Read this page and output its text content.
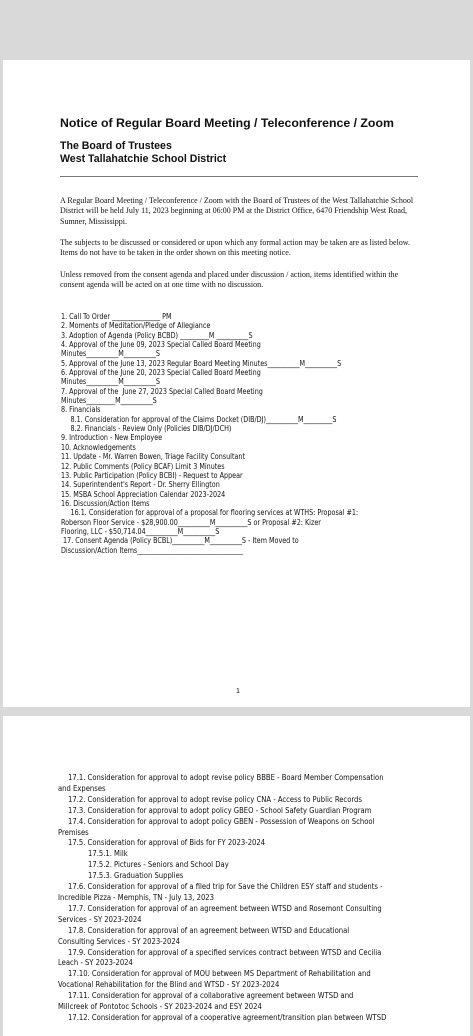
Notice of Regular Board Meeting / Teleconference / Zoom
The Board of Trustees
West Tallahatchie School District

A Regular Board Meeting / Teleconference / Zoom with the Board of Trustees of the West Tallahatchie School District will be held July 11, 2023 beginning at 06:00 PM at the District Office, 6470 Friendship West Road, Sumner, Mississippi.

The subjects to be discussed or considered or upon which any formal action may be taken are as listed below. Items do not have to be taken in the order shown on this meeting notice.

Unless removed from the consent agenda and placed under discussion / action, items identified within the consent agenda will be acted on at one time with no discussion.

1. Call To Order _______________ PM
2. Moments of Meditation/Pledge of Allegiance
3. Adoption of Agenda (Policy BCBD) _________M __________S
4. Approval of the June 09, 2023 Special Called Board Meeting
Minutes__________M__________S
5. Approval of the June 13, 2023 Regular Board Meeting Minutes__________M__________S
6. Approval of the June 20, 2023 Special Called Board Meeting
Minutes__________M__________S
7. Approval of the  June 27, 2023 Special Called Board Meeting
Minutes_________M__________S
8. Financials
8.1. Consideration for approval of the Claims Docket (DIB/DJ)__________M_________S
8.2. Financials - Review Only (Policies DIB/DJ/DCH)
9. Introduction - New Employee
10. Acknowledgements
11. Update - Mr. Warren Bowen, Triage Facility Consultant
12. Public Comments (Policy BCAF) Limit 3 Minutes
13. Public Participation (Policy BCBI) - Request to Appear
14. Superintendent's Report - Dr. Sherry Ellington
15. MSBA School Appreciation Calendar 2023-2024
16. Discussion/Action Items
16.1. Consideration for approval of a proposal for flooring services at WTHS: Proposal #1:
Roberson Floor Service - $28,900.00__________M__________S or Proposal #2: Kizer
Flooring, LLC - $50,714.04__________M__________S
17. Consent Agenda (Policy BCBL)__________M__________S - Item Moved to
Discussion/Action Items_________________________________
1
17.1. Consideration for approval to adopt revise policy BBBE - Board Member Compensation
and Expenses
17.2. Consideration for approval to adopt revise policy CNA - Access to Public Records
17.3. Consideration for approval to adopt policy GBEO - School Safety Guardian Program
17.4. Consideration for approval to adopt policy GBEN - Possession of Weapons on School
Premises
17.5. Consideration for approval of Bids for FY 2023-2024
17.5.1. Milk
17.5.2. Pictures - Seniors and School Day
17.5.3. Graduation Supplies
17.6. Consideration for approval of a filed trip for Save the Children ESY staff and students -
Incredible Pizza - Memphis, TN - July 13, 2023
17.7. Consideration for approval of an agreement between WTSD and Rosemont Consulting
Services - SY 2023-2024
17.8. Consideration for approval of an agreement between WTSD and Educational
Consulting Services - SY 2023-2024
17.9. Consideration for approval of a specified services contract between WTSD and Cecilia
Leach - SY 2023-2024
17.10. Consideration for approval of MOU between MS Department of Rehabilitation and
Vocational Rehabilitation for the Blind and WTSD - SY 2023-2024
17.11. Consideration for approval of a collaborative agreement between WTSD and
Millcreek of Pontotoc Schools - SY 2023-2024 and ESY 2024
17.12. Consideration for approval of a cooperative agreement/transition plan between WTSD
